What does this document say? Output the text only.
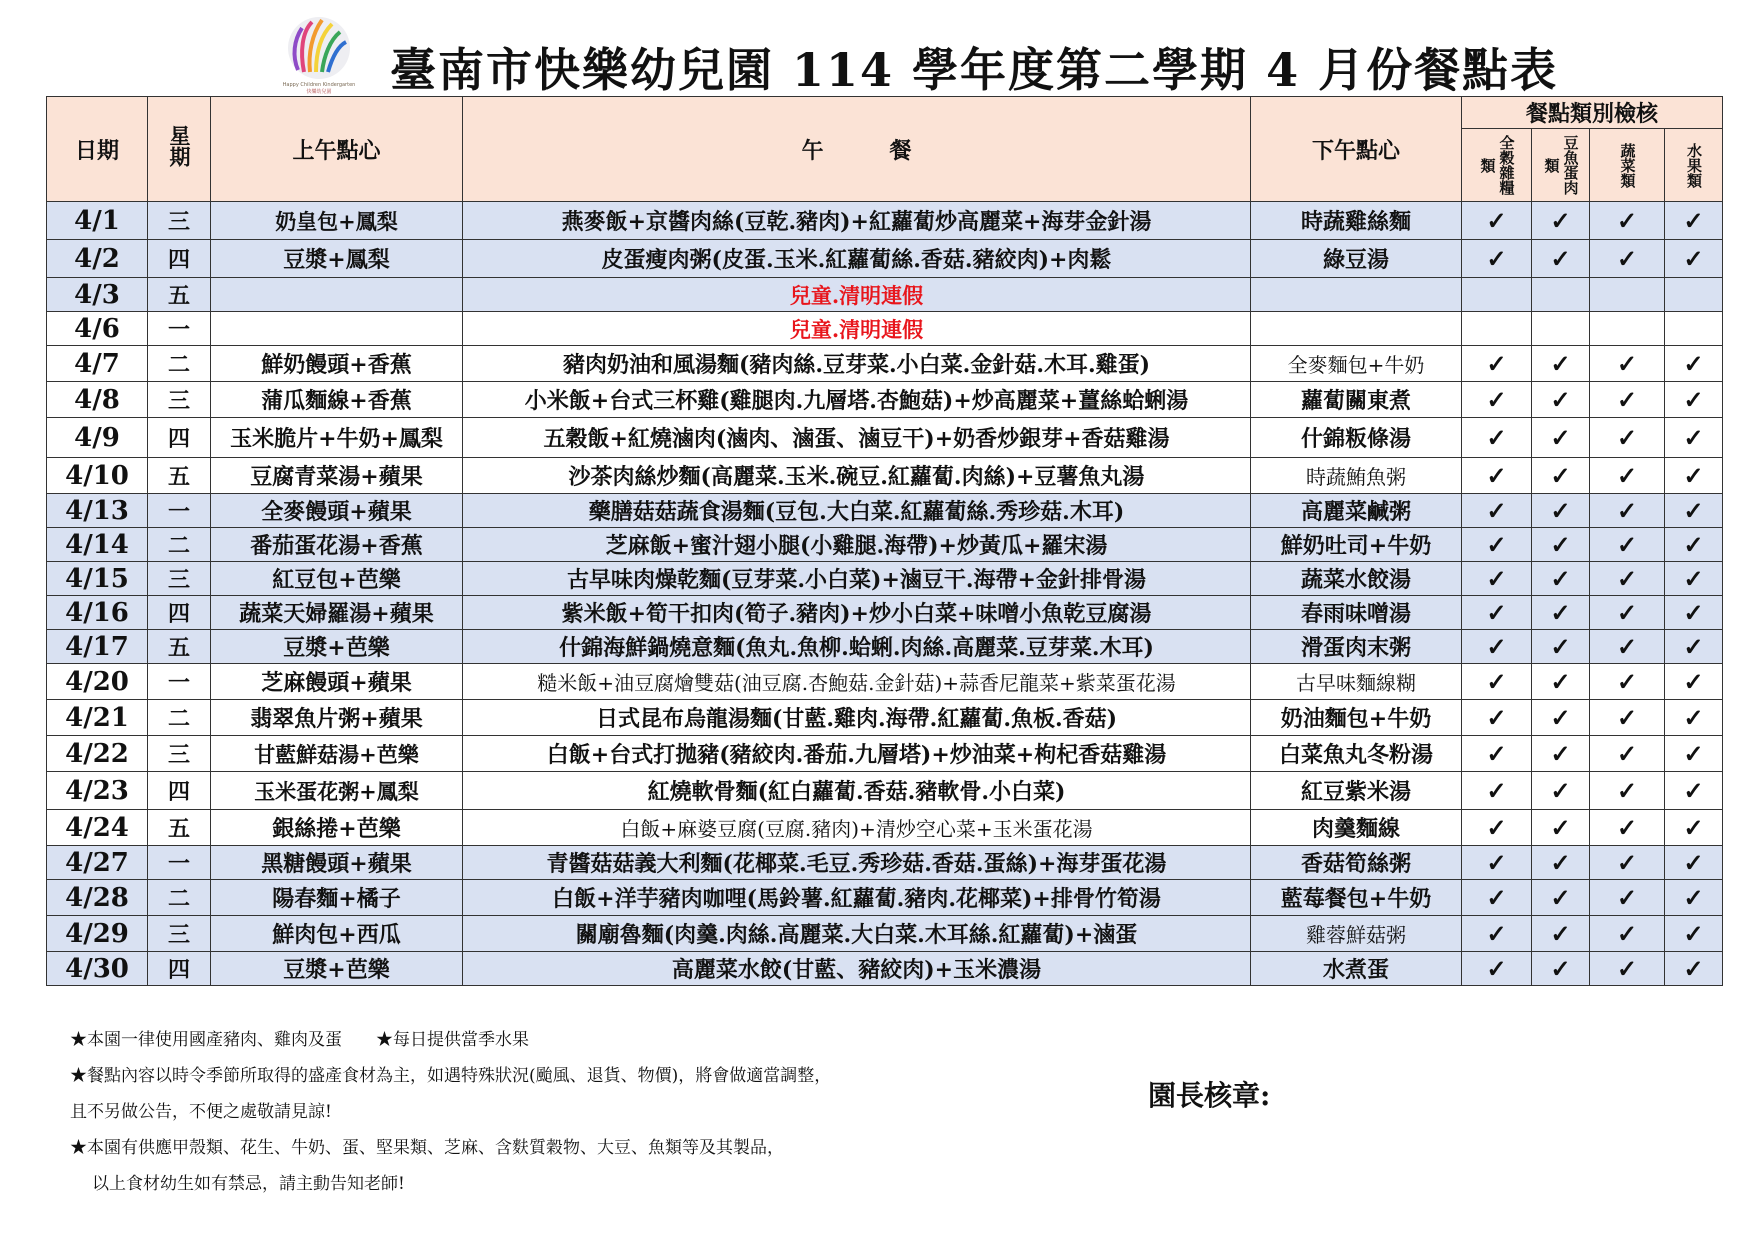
Happy Children Kindergarten
快樂幼兒園 臺南市快樂幼兒園 114 學年度第二學期 4 月份餐點表
日期	星期	上午點心	午　　　餐	下午點心	餐點類別檢核			

					類 全穀雜糧	類 豆魚蛋肉	蔬菜類	水果類

4/1	三	奶皇包+鳳梨	燕麥飯+京醬肉絲(豆乾.豬肉)+紅蘿蔔炒高麗菜+海芽金針湯	時蔬雞絲麵	✓	✓	✓	✓
4/2	四	豆漿+鳳梨	皮蛋瘦肉粥(皮蛋.玉米.紅蘿蔔絲.香菇.豬絞肉)+肉鬆	綠豆湯	✓	✓	✓	✓
4/3	五		兒童.清明連假					
4/6	一		兒童.清明連假					
4/7	二	鮮奶饅頭+香蕉	豬肉奶油和風湯麵(豬肉絲.豆芽菜.小白菜.金針菇.木耳.雞蛋)	全麥麵包+牛奶	✓	✓	✓	✓
4/8	三	蒲瓜麵線+香蕉	小米飯+台式三杯雞(雞腿肉.九層塔.杏鮑菇)+炒高麗菜+薑絲蛤蜊湯	蘿蔔關東煮	✓	✓	✓	✓
4/9	四	玉米脆片+牛奶+鳳梨	五穀飯+紅燒滷肉(滷肉、滷蛋、滷豆干)+奶香炒銀芽+香菇雞湯	什錦粄條湯	✓	✓	✓	✓
4/10	五	豆腐青菜湯+蘋果	沙茶肉絲炒麵(高麗菜.玉米.碗豆.紅蘿蔔.肉絲)+豆薯魚丸湯	時蔬鮪魚粥	✓	✓	✓	✓
4/13	一	全麥饅頭+蘋果	藥膳菇菇蔬食湯麵(豆包.大白菜.紅蘿蔔絲.秀珍菇.木耳)	高麗菜鹹粥	✓	✓	✓	✓
4/14	二	番茄蛋花湯+香蕉	芝麻飯+蜜汁翅小腿(小雞腿.海帶)+炒黃瓜+羅宋湯	鮮奶吐司+牛奶	✓	✓	✓	✓
4/15	三	紅豆包+芭樂	古早味肉燥乾麵(豆芽菜.小白菜)+滷豆干.海帶+金針排骨湯	蔬菜水餃湯	✓	✓	✓	✓
4/16	四	蔬菜天婦羅湯+蘋果	紫米飯+筍干扣肉(筍子.豬肉)+炒小白菜+味噌小魚乾豆腐湯	春雨味噌湯	✓	✓	✓	✓
4/17	五	豆漿+芭樂	什錦海鮮鍋燒意麵(魚丸.魚柳.蛤蜊.肉絲.高麗菜.豆芽菜.木耳)	滑蛋肉末粥	✓	✓	✓	✓
4/20	一	芝麻饅頭+蘋果	糙米飯+油豆腐燴雙菇(油豆腐.杏鮑菇.金針菇)+蒜香尼龍菜+紫菜蛋花湯	古早味麵線糊	✓	✓	✓	✓
4/21	二	翡翠魚片粥+蘋果	日式昆布烏龍湯麵(甘藍.雞肉.海帶.紅蘿蔔.魚板.香菇)	奶油麵包+牛奶	✓	✓	✓	✓
4/22	三	甘藍鮮菇湯+芭樂	白飯+台式打拋豬(豬絞肉.番茄.九層塔)+炒油菜+枸杞香菇雞湯	白菜魚丸冬粉湯	✓	✓	✓	✓
4/23	四	玉米蛋花粥+鳳梨	紅燒軟骨麵(紅白蘿蔔.香菇.豬軟骨.小白菜)	紅豆紫米湯	✓	✓	✓	✓
4/24	五	銀絲捲+芭樂	白飯+麻婆豆腐(豆腐.豬肉)+清炒空心菜+玉米蛋花湯	肉羹麵線	✓	✓	✓	✓
4/27	一	黑糖饅頭+蘋果	青醬菇菇義大利麵(花椰菜.毛豆.秀珍菇.香菇.蛋絲)+海芽蛋花湯	香菇筍絲粥	✓	✓	✓	✓
4/28	二	陽春麵+橘子	白飯+洋芋豬肉咖哩(馬鈴薯.紅蘿蔔.豬肉.花椰菜)+排骨竹筍湯	藍莓餐包+牛奶	✓	✓	✓	✓
4/29	三	鮮肉包+西瓜	關廟魯麵(肉羹.肉絲.高麗菜.大白菜.木耳絲.紅蘿蔔)+滷蛋	雞蓉鮮菇粥	✓	✓	✓	✓
4/30	四	豆漿+芭樂	高麗菜水餃(甘藍、豬絞肉)+玉米濃湯	水煮蛋	✓	✓	✓	✓
★本園一律使用國產豬肉、雞肉及蛋　　★每日提供當季水果
★餐點內容以時令季節所取得的盛產食材為主，如遇特殊狀況(颱風、退貨、物價)，將會做適當調整，
且不另做公告，不便之處敬請見諒!
★本園有供應甲殼類、花生、牛奶、蛋、堅果類、芝麻、含麩質穀物、大豆、魚類等及其製品，
以上食材幼生如有禁忌，請主動告知老師!
園長核章:
